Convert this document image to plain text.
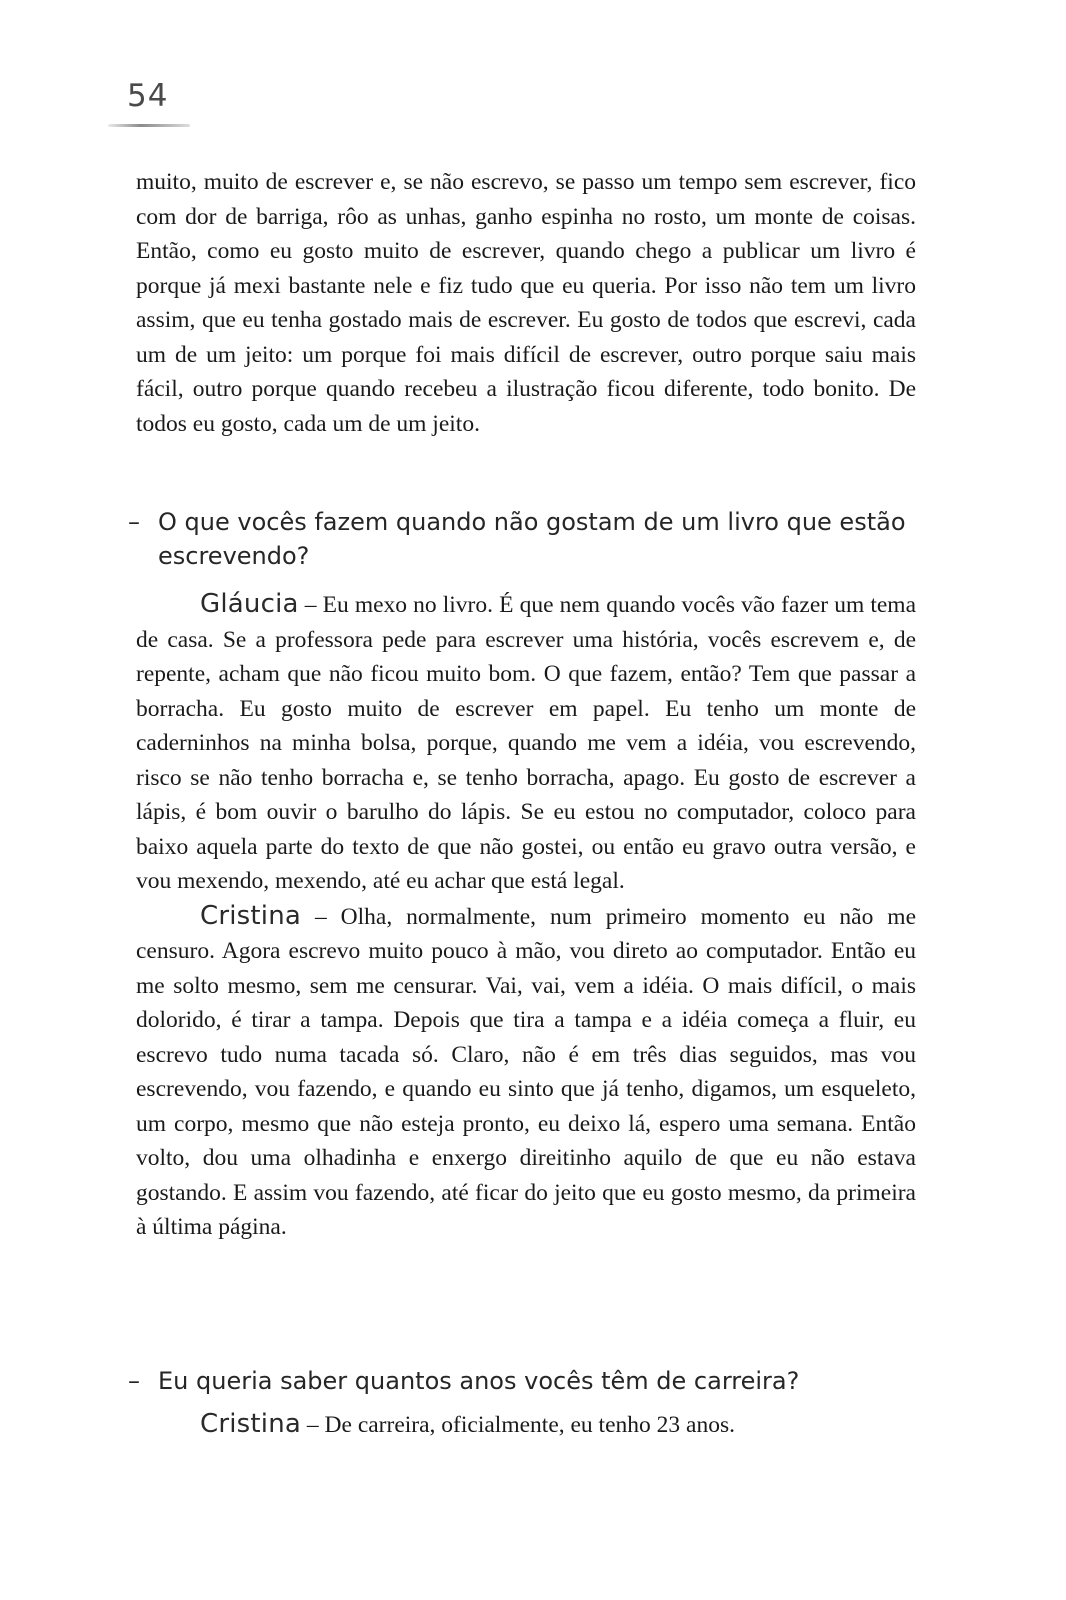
54

muito, muito de escrever e, se não escrevo, se passo um tempo sem escrever, fico com dor de barriga, rôo as unhas, ganho espinha no rosto, um monte de coisas. Então, como eu gosto muito de escrever, quando chego a publicar um livro é porque já mexi bastante nele e fiz tudo que eu queria. Por isso não tem um livro assim, que eu tenha gostado mais de escrever. Eu gosto de todos que escrevi, cada um de um jeito: um porque foi mais difícil de escrever, outro porque saiu mais fácil, outro porque quando recebeu a ilustração ficou diferente, todo bonito. De todos eu gosto, cada um de um jeito.

– O que vocês fazem quando não gostam de um livro que estão escrevendo?

Gláucia – Eu mexo no livro. É que nem quando vocês vão fazer um tema de casa. Se a professora pede para escrever uma história, vocês escrevem e, de repente, acham que não ficou muito bom. O que fazem, então? Tem que passar a borracha. Eu gosto muito de escrever em papel. Eu tenho um monte de caderninhos na minha bolsa, porque, quando me vem a idéia, vou escrevendo, risco se não tenho borracha e, se tenho borracha, apago. Eu gosto de escrever a lápis, é bom ouvir o barulho do lápis. Se eu estou no computador, coloco para baixo aquela parte do texto de que não gostei, ou então eu gravo outra versão, e vou mexendo, mexendo, até eu achar que está legal.

Cristina – Olha, normalmente, num primeiro momento eu não me censuro. Agora escrevo muito pouco à mão, vou direto ao computador. Então eu me solto mesmo, sem me censurar. Vai, vai, vem a idéia. O mais difícil, o mais dolorido, é tirar a tampa. Depois que tira a tampa e a idéia começa a fluir, eu escrevo tudo numa tacada só. Claro, não é em três dias seguidos, mas vou escrevendo, vou fazendo, e quando eu sinto que já tenho, digamos, um esqueleto, um corpo, mesmo que não esteja pronto, eu deixo lá, espero uma semana. Então volto, dou uma olhadinha e enxergo direitinho aquilo de que eu não estava gostando. E assim vou fazendo, até ficar do jeito que eu gosto mesmo, da primeira à última página.

– Eu queria saber quantos anos vocês têm de carreira?

Cristina – De carreira, oficialmente, eu tenho 23 anos.
